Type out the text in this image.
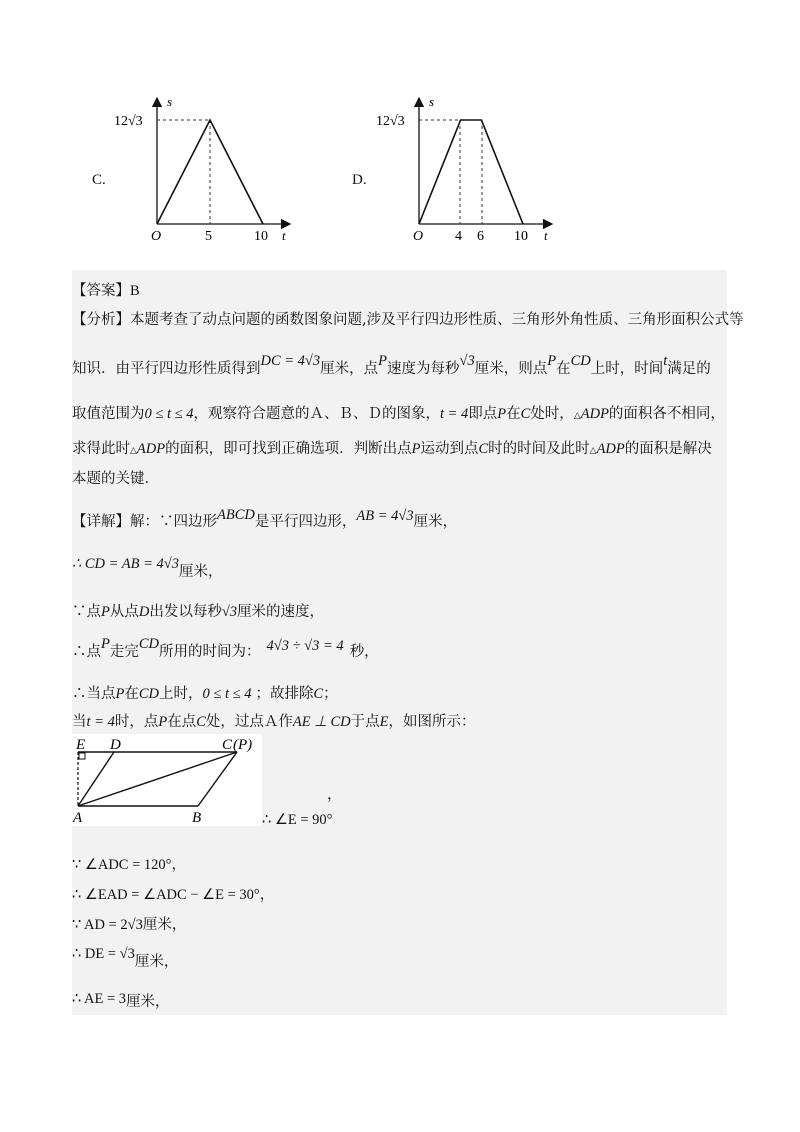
C.
12√3
s
O	5	10 t
D.
12√3
s
O 4 6 10 t
【答案】B
【分析】本题考查了动点问题的函数图象问题,涉及平行四边形性质、三角形外角性质、三角形面积公式等
知识．由平行四边形性质得到DC = 4√3厘米，点P速度为每秒√3厘米，则点P在CD上时，时间t满足的
取值范围为0 ≤ t ≤ 4，观察符合题意的Ａ、Ｂ、Ｄ的图象，t = 4即点P在C处时，△ADP的面积各不相同，
求得此时△ADP的面积，即可找到正确选项．判断出点P运动到点C时的时间及此时△ADP的面积是解决
本题的关键．
【详解】解：∵四边形ABCD是平行四边形，AB = 4√3厘米，
∴ CD = AB = 4√3厘米，
∵点P从点D出发以每秒√3厘米的速度，
∴点P走完CD所用的时间为： 4√3 ÷ √3 = 4 秒，
∴当点P在CD上时，0 ≤ t ≤ 4 ；故排除C；
当t = 4时，点P在点C处，过点Ａ作AE ⊥ CD于点E，如图所示：
E D	C (P)
A	B
，
∴ ∠E = 90°
∵ ∠ADC = 120°，
∴ ∠EAD = ∠ADC − ∠E = 30°，
∵ AD = 2√3厘米，
∴ DE = √3厘米，
∴ AE = 3厘米，
